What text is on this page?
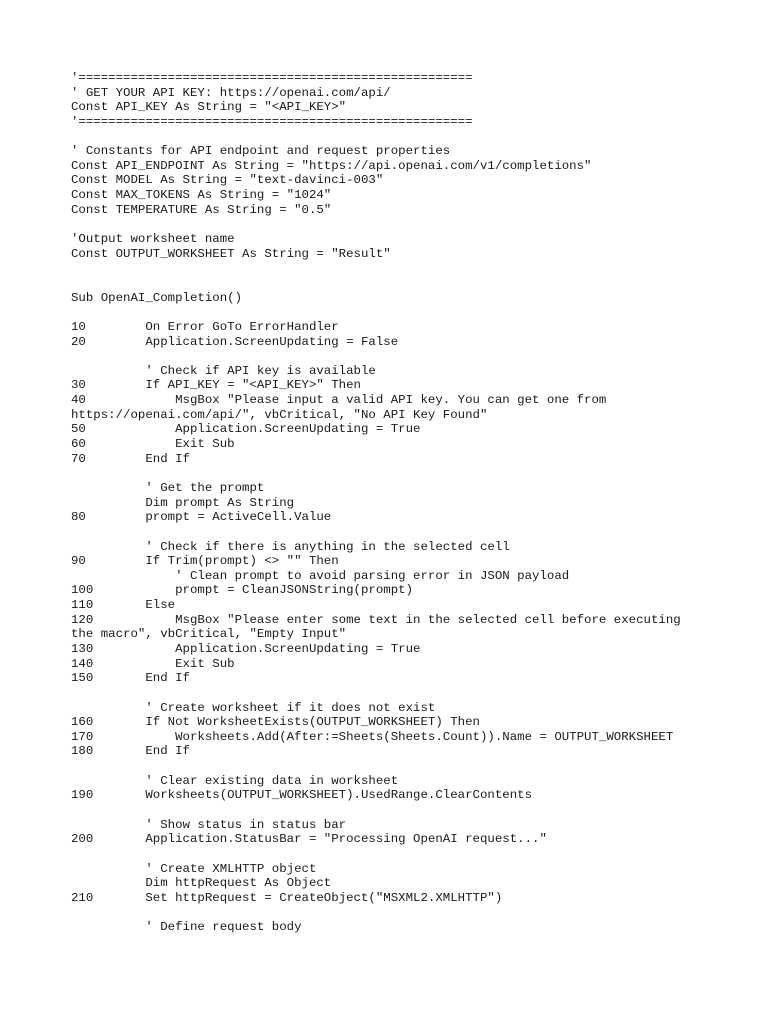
'=====================================================
' GET YOUR API KEY: https://openai.com/api/
Const API_KEY As String = "<API_KEY>"
'=====================================================
' Constants for API endpoint and request properties
Const API_ENDPOINT As String = "https://api.openai.com/v1/completions"
Const MODEL As String = "text-davinci-003"
Const MAX_TOKENS As String = "1024"
Const TEMPERATURE As String = "0.5"
'Output worksheet name
Const OUTPUT_WORKSHEET As String = "Result"
Sub OpenAI_Completion()
10        On Error GoTo ErrorHandler
20        Application.ScreenUpdating = False
' Check if API key is available
30        If API_KEY = "<API_KEY>" Then
40            MsgBox "Please input a valid API key. You can get one from
https://openai.com/api/", vbCritical, "No API Key Found"
50            Application.ScreenUpdating = True
60            Exit Sub
70        End If
' Get the prompt
Dim prompt As String
80        prompt = ActiveCell.Value
' Check if there is anything in the selected cell
90        If Trim(prompt) <> "" Then
' Clean prompt to avoid parsing error in JSON payload
100           prompt = CleanJSONString(prompt)
110       Else
120           MsgBox "Please enter some text in the selected cell before executing
the macro", vbCritical, "Empty Input"
130           Application.ScreenUpdating = True
140           Exit Sub
150       End If
' Create worksheet if it does not exist
160       If Not WorksheetExists(OUTPUT_WORKSHEET) Then
170           Worksheets.Add(After:=Sheets(Sheets.Count)).Name = OUTPUT_WORKSHEET
180       End If
' Clear existing data in worksheet
190       Worksheets(OUTPUT_WORKSHEET).UsedRange.ClearContents
' Show status in status bar
200       Application.StatusBar = "Processing OpenAI request..."
' Create XMLHTTP object
Dim httpRequest As Object
210       Set httpRequest = CreateObject("MSXML2.XMLHTTP")
' Define request body
